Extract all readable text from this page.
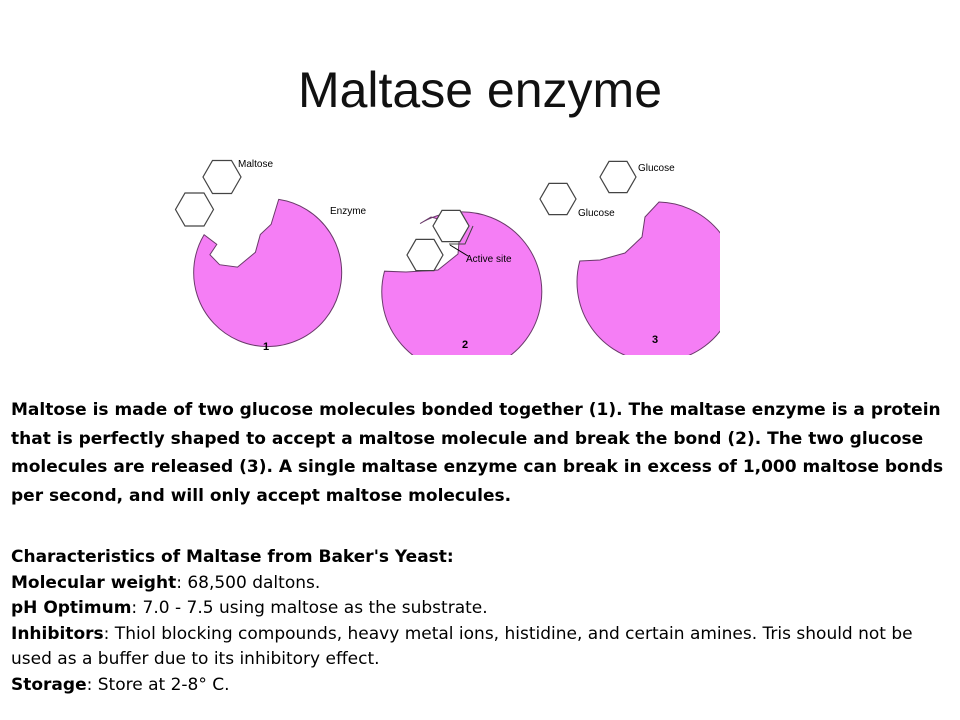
Maltase enzyme
Maltose
Enzyme
1
Active site
2
Glucose
Glucose
3
Maltose is made of two glucose molecules bonded together (1). The maltase enzyme is a protein that is perfectly shaped to accept a maltose molecule and break the bond (2). The two glucose molecules are released (3). A single maltase enzyme can break in excess of 1,000 maltose bonds per second, and will only accept maltose molecules.

Characteristics of Maltase from Baker's Yeast:

Molecular weight: 68,500 daltons.

pH Optimum: 7.0 - 7.5 using maltose as the substrate.

Inhibitors: Thiol blocking compounds, heavy metal ions, histidine, and certain amines. Tris should not be used as a buffer due to its inhibitory effect.

Storage: Store at 2-8° C.
